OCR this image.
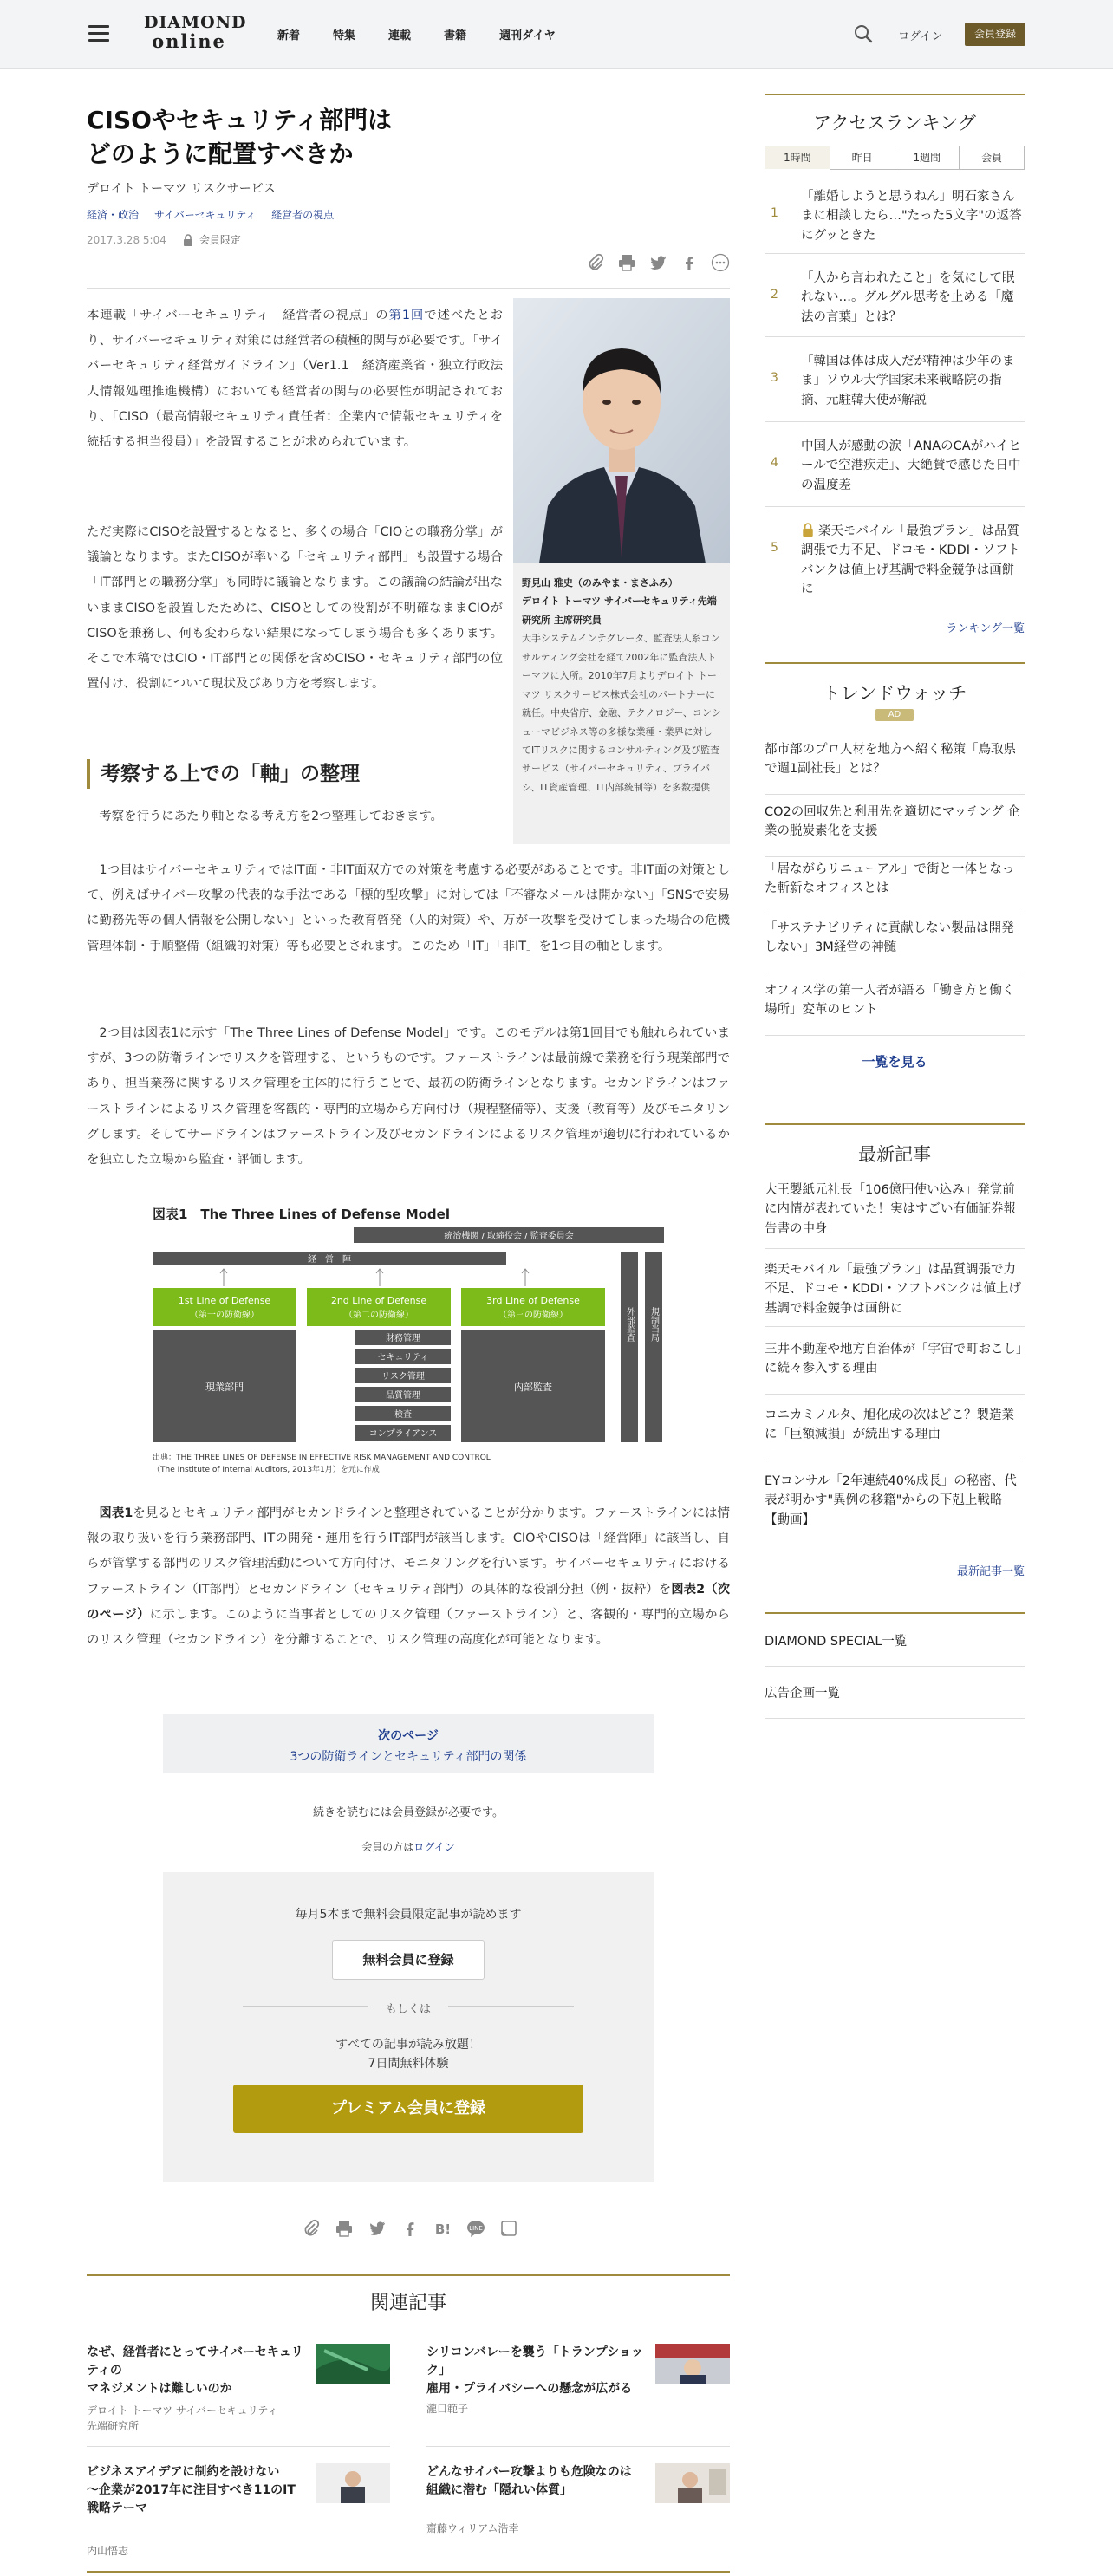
DIAMOND
online	新着	特集	連載	書籍	週刊ダイヤ	ログイン	会員登録
CISOやセキュリティ部門は
どのように配置すべきか
デロイト トーマツ リスクサービス
経済・政治 サイバーセキュリティ 経営者の視点
2017.3.28 5:04	会員限定

本連載「サイバーセキュリティ　経営者の視点」の第1回で述べたとおり、サイバーセキュリティ対策には経営者の積極的関与が必要です。「サイバーセキュリティ経営ガイドライン」（Ver1.1　経済産業省・独立行政法人情報処理推進機構）においても経営者の関与の必要性が明記されており、「CISO（最高情報セキュリティ責任者：企業内で情報セキュリティを統括する担当役員）」を設置することが求められています。

ただ実際にCISOを設置するとなると、多くの場合「CIOとの職務分掌」が議論となります。またCISOが率いる「セキュリティ部門」も設置する場合「IT部門との職務分掌」も同時に議論となります。この議論の結論が出ないままCISOを設置したために、CISOとしての役割が不明確なままCIOがCISOを兼務し、何も変わらない結果になってしまう場合も多くあります。そこで本稿ではCIO・IT部門との関係を含めCISO・セキュリティ部門の位置付け、役割について現状及びあり方を考察します。

野見山 雅史（のみやま・まさふみ）
デロイト トーマツ サイバーセキュリティ先端研究所 主席研究員
大手システムインテグレータ、監査法人系コンサルティング会社を経て2002年に監査法人トーマツに入所。2010年7月よりデロイト トーマツ リスクサービス株式会社のパートナーに就任。中央省庁、金融、テクノロジー、コンシューマビジネス等の多様な業種・業界に対してITリスクに関するコンサルティング及び監査サービス（サイバーセキュリティ、プライバシ、IT資産管理、IT内部統制等）を多数提供
考察する上での「軸」の整理

考察を行うにあたり軸となる考え方を2つ整理しておきます。

1つ目はサイバーセキュリティではIT面・非IT面双方での対策を考慮する必要があることです。非IT面の対策として、例えばサイバー攻撃の代表的な手法である「標的型攻撃」に対しては「不審なメールは開かない」「SNSで安易に勤務先等の個人情報を公開しない」といった教育啓発（人的対策）や、万が一攻撃を受けてしまった場合の危機管理体制・手順整備（組織的対策）等も必要とされます。このため「IT」「非IT」を1つ目の軸とします。

2つ目は図表1に示す「The Three Lines of Defense Model」です。このモデルは第1回目でも触れられていますが、3つの防衛ラインでリスクを管理する、というものです。ファーストラインは最前線で業務を行う現業部門であり、担当業務に関するリスク管理を主体的に行うことで、最初の防衛ラインとなります。セカンドラインはファーストラインによるリスク管理を客観的・専門的立場から方向付け（規程整備等）、支援（教育等）及びモニタリングします。そしてサードラインはファーストライン及びセカンドラインによるリスク管理が適切に行われているかを独立した立場から監査・評価します。

図表1　The Three Lines of Defense Model
統治機関 / 取締役会 / 監査委員会
経　営　陣
1st Line of Defense
（第一の防衛線）
2nd Line of Defense
（第二の防衛線）
3rd Line of Defense
（第三の防衛線）
現業部門
財務管理
セキュリティ
リスク管理
品質管理
検査
コンプライアンス
内部監査
外部監査 規制当局
出典：THE THREE LINES OF DEFENSE IN EFFECTIVE RISK MANAGEMENT AND CONTROL
（The Institute of Internal Auditors, 2013年1月）を元に作成

図表1を見るとセキュリティ部門がセカンドラインと整理されていることが分かります。ファーストラインには情報の取り扱いを行う業務部門、ITの開発・運用を行うIT部門が該当します。CIOやCISOは「経営陣」に該当し、自らが管掌する部門のリスク管理活動について方向付け、モニタリングを行います。サイバーセキュリティにおけるファーストライン（IT部門）とセカンドライン（セキュリティ部門）の具体的な役割分担（例・抜粋）を図表2（次のページ）に示します。このように当事者としてのリスク管理（ファーストライン）と、客観的・専門的立場からのリスク管理（セカンドライン）を分離することで、リスク管理の高度化が可能となります。

次のページ
3つの防衛ラインとセキュリティ部門の関係
続きを読むには会員登録が必要です。
会員の方はログイン
毎月5本まで無料会員限定記事が読めます
無料会員に登録
もしくは
すべての記事が読み放題！
7日間無料体験
プレミアム会員に登録
B!	LINE
関連記事
なぜ、経営者にとってサイバーセキュリティの
マネジメントは難しいのか
デロイト トーマツ サイバーセキュリティ
先端研究所
シリコンバレーを襲う「トランプショック」
雇用・プライバシーへの懸念が広がる
瀧口範子
ビジネスアイデアに制約を設けない
～企業が2017年に注目すべき11のIT戦略テーマ
内山悟志
どんなサイバー攻撃よりも危険なのは
組織に潜む「隠れい体質」
齋藤ウィリアム浩幸
アクセスランキング
1時間	昨日	1週間	会員
1
「離婚しようと思うねん」明石家さんまに相談したら…"たった5文字"の返答にグッときた
2
「人から言われたこと」を気にして眠れない…。グルグル思考を止める「魔法の言葉」とは？
3
「韓国は体は成人だが精神は少年のまま」ソウル大学国家未来戦略院の指摘、元駐韓大使が解説
4
中国人が感動の涙「ANAのCAがハイヒールで空港疾走」、大絶賛で感じた日中の温度差
5
楽天モバイル「最強プラン」は品質調張で力不足、ドコモ・KDDI・ソフトバンクは値上げ基調で料金競争は画餅に
ランキング一覧
トレンドウォッチ
AD
都市部のプロ人材を地方へ紹く秘策「鳥取県で週1副社長」とは？
CO2の回収先と利用先を適切にマッチング 企業の脱炭素化を支援
「居ながらリニューアル」で街と一体となった斬新なオフィスとは
「サステナビリティに貢献しない製品は開発しない」3M経営の神髄
オフィス学の第一人者が語る「働き方と働く場所」変革のヒント
一覧を見る
最新記事
大王製紙元社長「106億円使い込み」発覚前に内情が表れていた！実はすごい有価証券報告書の中身
楽天モバイル「最強プラン」は品質調張で力不足、ドコモ・KDDI・ソフトバンクは値上げ基調で料金競争は画餅に
三井不動産や地方自治体が「宇宙で町おこし」に続々参入する理由
コニカミノルタ、旭化成の次はどこ？製造業に「巨額減損」が続出する理由
EYコンサル「2年連続40%成長」の秘密、代表が明かす"異例の移籍"からの下剋上戦略【動画】
最新記事一覧
DIAMOND SPECIAL一覧
広告企画一覧
